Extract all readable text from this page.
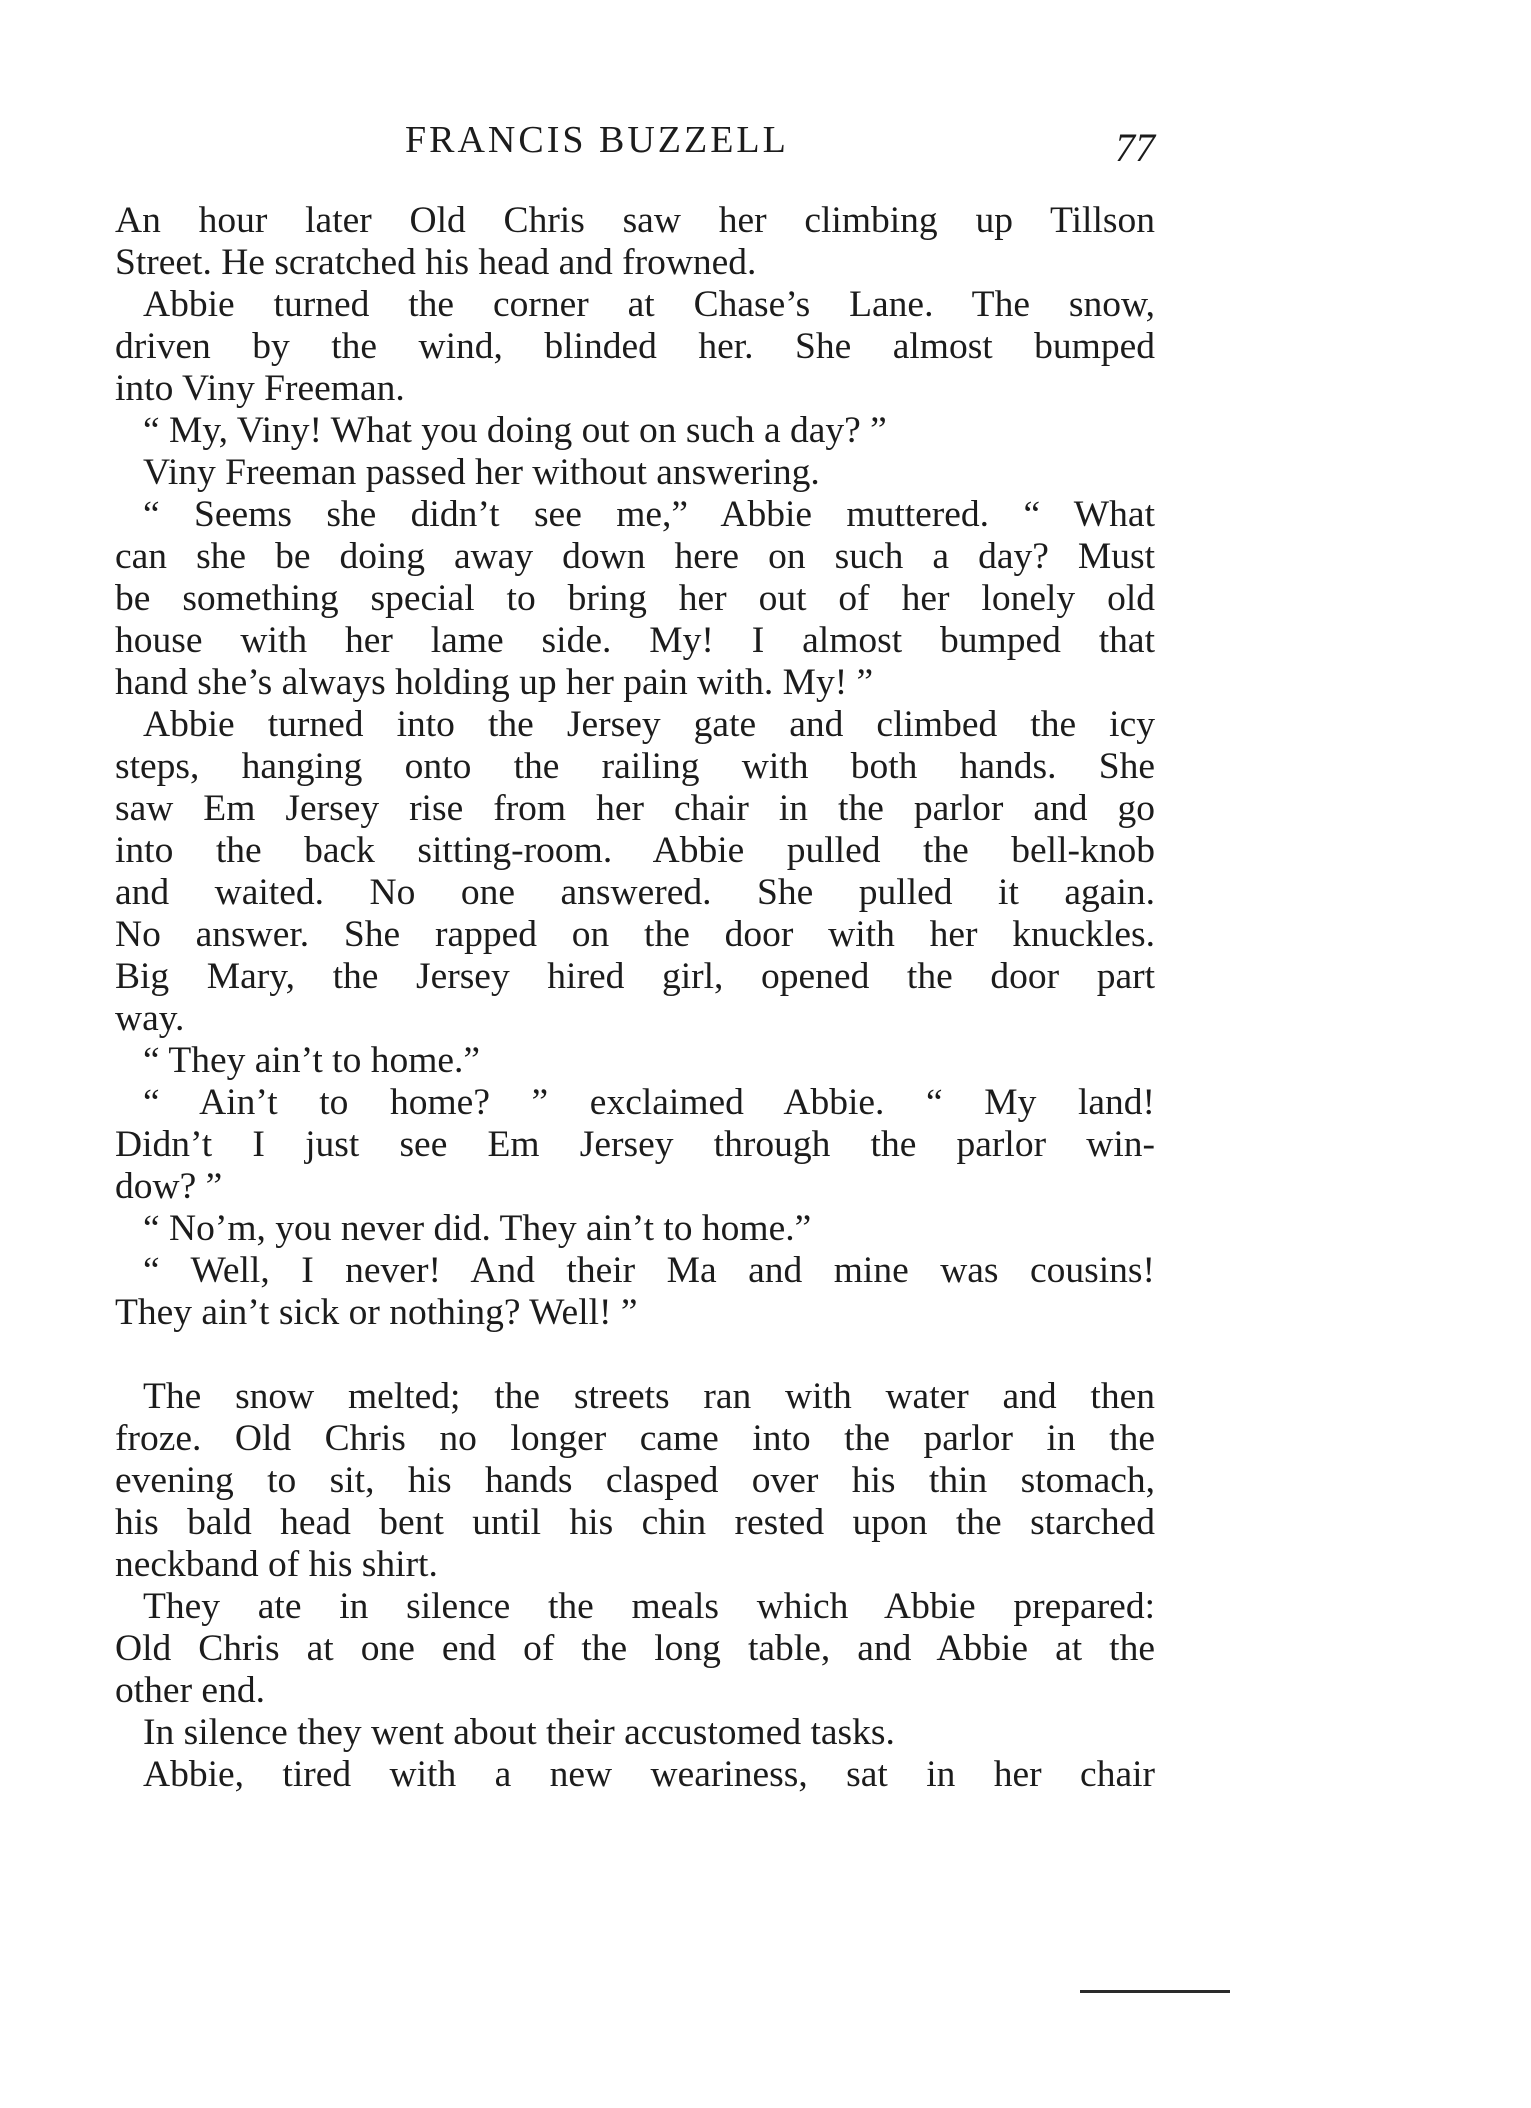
FRANCIS BUZZELL	77
An hour later Old Chris saw her climbing up Tillson
Street. He scratched his head and frowned.
Abbie turned the corner at Chase’s Lane. The snow,
driven by the wind, blinded her. She almost bumped
into Viny Freeman.
“ My, Viny! What you doing out on such a day? ”
Viny Freeman passed her without answering.
“ Seems she didn’t see me,” Abbie muttered. “ What
can she be doing away down here on such a day? Must
be something special to bring her out of her lonely old
house with her lame side. My! I almost bumped that
hand she’s always holding up her pain with. My! ”
Abbie turned into the Jersey gate and climbed the icy
steps, hanging onto the railing with both hands. She
saw Em Jersey rise from her chair in the parlor and go
into the back sitting-room. Abbie pulled the bell-knob
and waited. No one answered. She pulled it again.
No answer. She rapped on the door with her knuckles.
Big Mary, the Jersey hired girl, opened the door part
way.
“ They ain’t to home.”
“ Ain’t to home? ” exclaimed Abbie. “ My land!
Didn’t I just see Em Jersey through the parlor win-
dow? ”
“ No’m, you never did. They ain’t to home.”
“ Well, I never! And their Ma and mine was cousins!
They ain’t sick or nothing? Well! ”
The snow melted; the streets ran with water and then
froze. Old Chris no longer came into the parlor in the
evening to sit, his hands clasped over his thin stomach,
his bald head bent until his chin rested upon the starched
neckband of his shirt.
They ate in silence the meals which Abbie prepared:
Old Chris at one end of the long table, and Abbie at the
other end.
In silence they went about their accustomed tasks.
Abbie, tired with a new weariness, sat in her chair
